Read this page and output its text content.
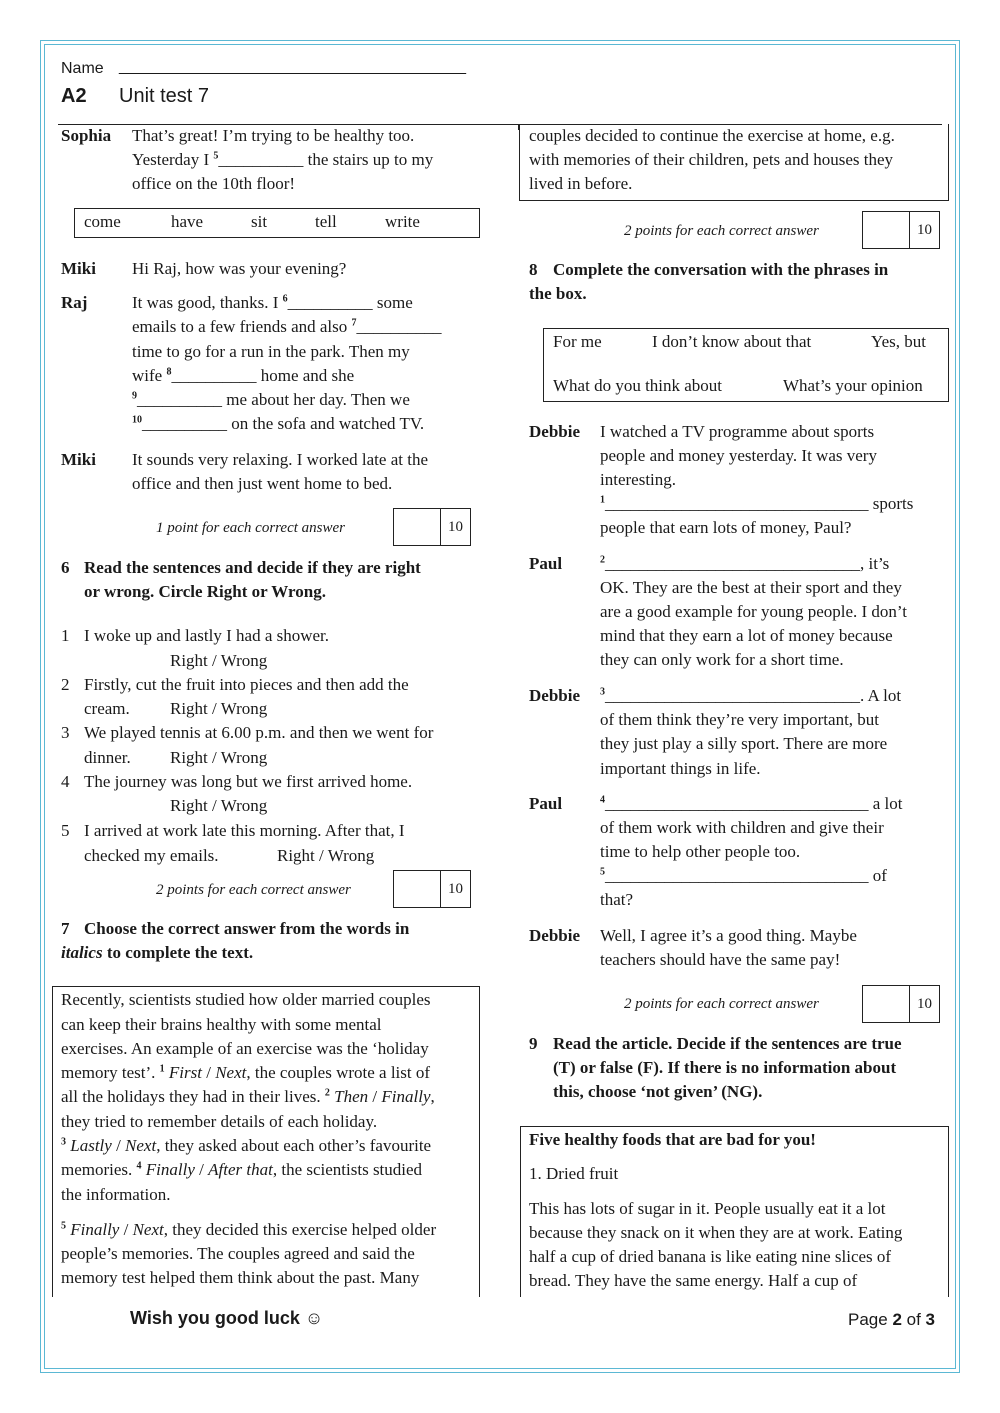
Name _______________________________________
A2 Unit test 7
Sophia That’s great! I’m trying to be healthy too.
Yesterday I $^5$__________ the stairs up to my
office on the 10th floor!
come	have	sit	tell	write
Miki Hi Raj, how was your evening?
Raj	It was good, thanks. I $^6$__________ some
emails to a few friends and also $^7$__________
time to go for a run in the park. Then my
wife $^8$__________ home and she
$^9$__________ me about her day. Then we
$^{10}$__________ on the sofa and watched TV.
Miki It sounds very relaxing. I worked late at the
office and then just went home to bed.
1 point for each correct answer	10
6 Read the sentences and decide if they are right
or wrong. Circle Right or Wrong.
1 I woke up and lastly I had a shower.
Right / Wrong
2 Firstly, cut the fruit into pieces and then add the
cream. Right / Wrong
3 We played tennis at 6.00 p.m. and then we went for
dinner. Right / Wrong
4 The journey was long but we first arrived home.
Right / Wrong
5 I arrived at work late this morning. After that, I
checked my emails.	Right / Wrong
2 points for each correct answer	10
7 Choose the correct answer from the words in
italics to complete the text.
Recently, scientists studied how older married couples
can keep their brains healthy with some mental
exercises. An example of an exercise was the ‘holiday
memory test’. $^1$ First / Next, the couples wrote a list of
all the holidays they had in their lives. $^2$ Then / Finally,
they tried to remember details of each holiday.
$^3$ Lastly / Next, they asked about each other’s favourite
memories. $^4$ Finally / After that, the scientists studied
the information.
$^5$ Finally / Next, they decided this exercise helped older
people’s memories. The couples agreed and said the
memory test helped them think about the past. Many
couples decided to continue the exercise at home, e.g.
with memories of their children, pets and houses they
lived in before.
2 points for each correct answer	10
8 Complete the conversation with the phrases in
the box.
For me	I don’t know about that	Yes, but
What do you think about	What’s your opinion
Debbie I watched a TV programme about sports
people and money yesterday. It was very
interesting.
$^1$_______________________________ sports
people that earn lots of money, Paul?
Paul	$^2$______________________________, it’s
OK. They are the best at their sport and they
are a good example for young people. I don’t
mind that they earn a lot of money because
they can only work for a short time.
Debbie $^3$______________________________. A lot
of them think they’re very important, but
they just play a silly sport. There are more
important things in life.
Paul	$^4$_______________________________ a lot
of them work with children and give their
time to help other people too.
$^5$_______________________________ of
that?
Debbie Well, I agree it’s a good thing. Maybe
teachers should have the same pay!
2 points for each correct answer	10
9 Read the article. Decide if the sentences are true
(T) or false (F). If there is no information about
this, choose ‘not given’ (NG).
Five healthy foods that are bad for you!
1. Dried fruit
This has lots of sugar in it. People usually eat it a lot
because they snack on it when they are at work. Eating
half a cup of dried banana is like eating nine slices of
bread. They have the same energy. Half a cup of
Wish you good luck ☺	Page 2 of 3
